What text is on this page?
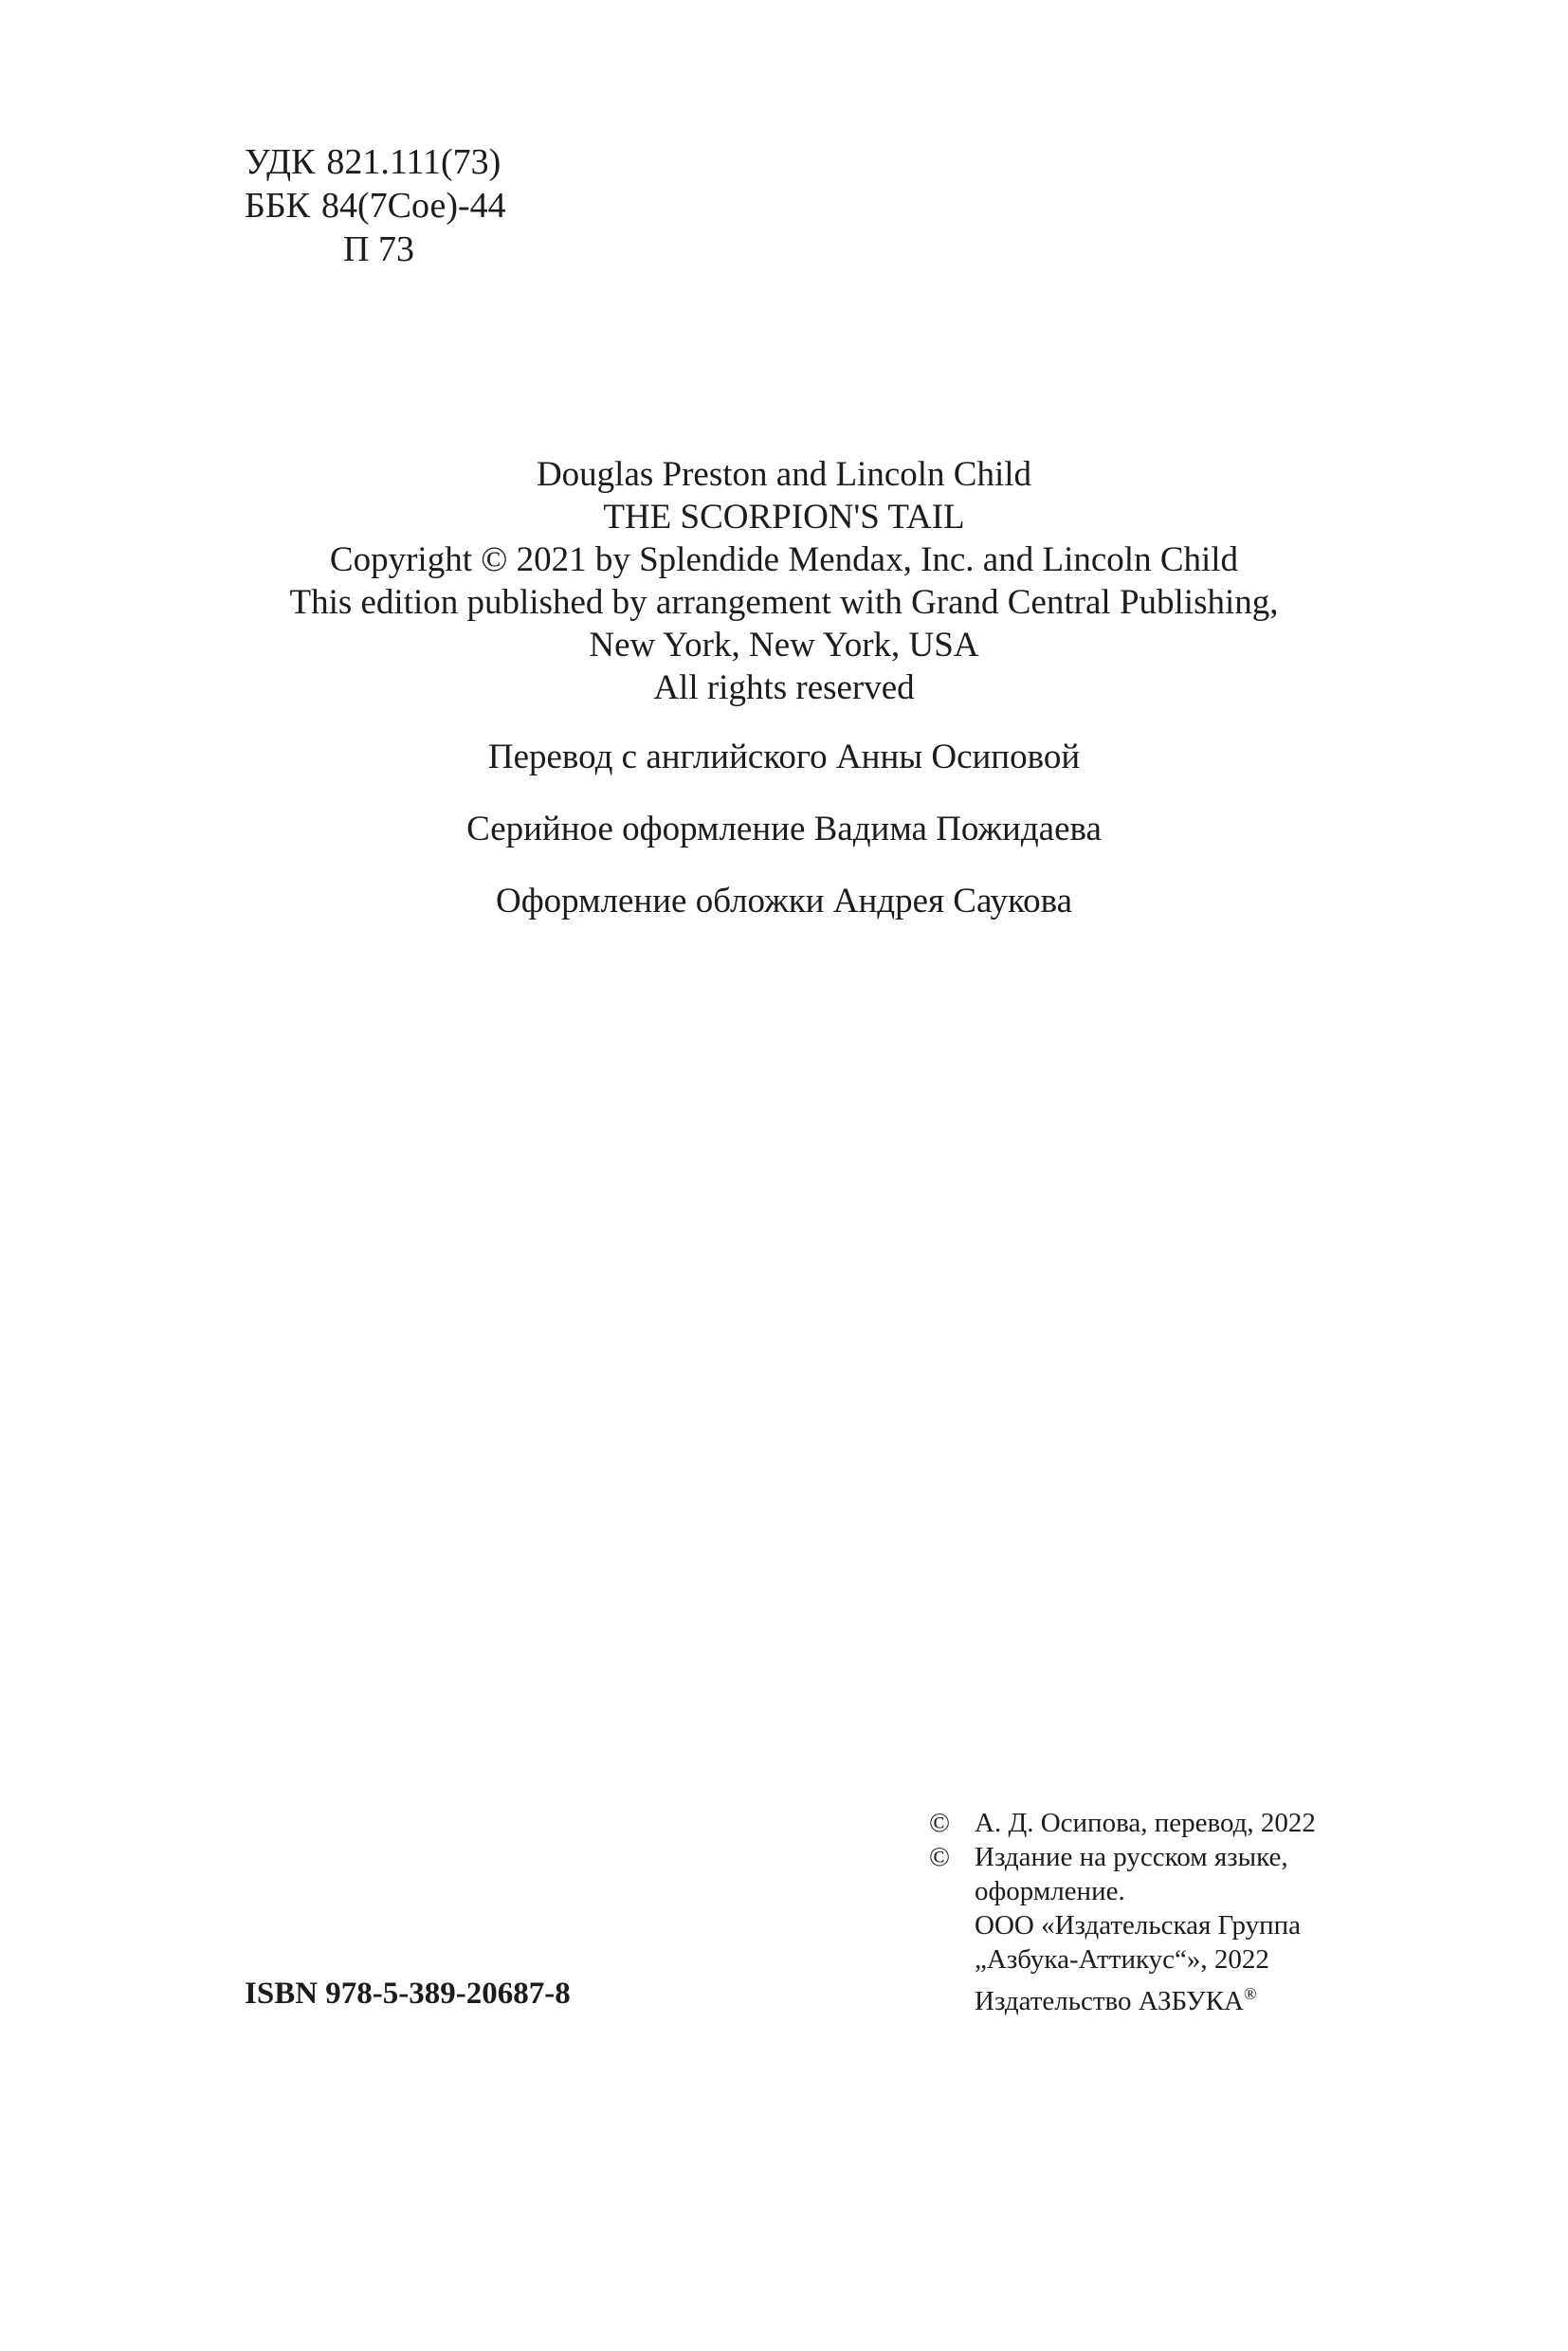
УДК 821.111(73)
ББК 84(7Сое)-44
П 73
Douglas Preston and Lincoln Child
THE SCORPION'S TAIL
Copyright © 2021 by Splendide Mendax, Inc. and Lincoln Child
This edition published by arrangement with Grand Central Publishing,
New York, New York, USA
All rights reserved
Перевод с английского Анны Осиповой
Серийное оформление Вадима Пожидаева
Оформление обложки Андрея Саукова
ISBN 978-5-389-20687-8
© А. Д. Осипова, перевод, 2022
© Издание на русском языке,
оформление.
ООО «Издательская Группа
„Азбука-Аттикус“», 2022
Издательство АЗБУКА®
